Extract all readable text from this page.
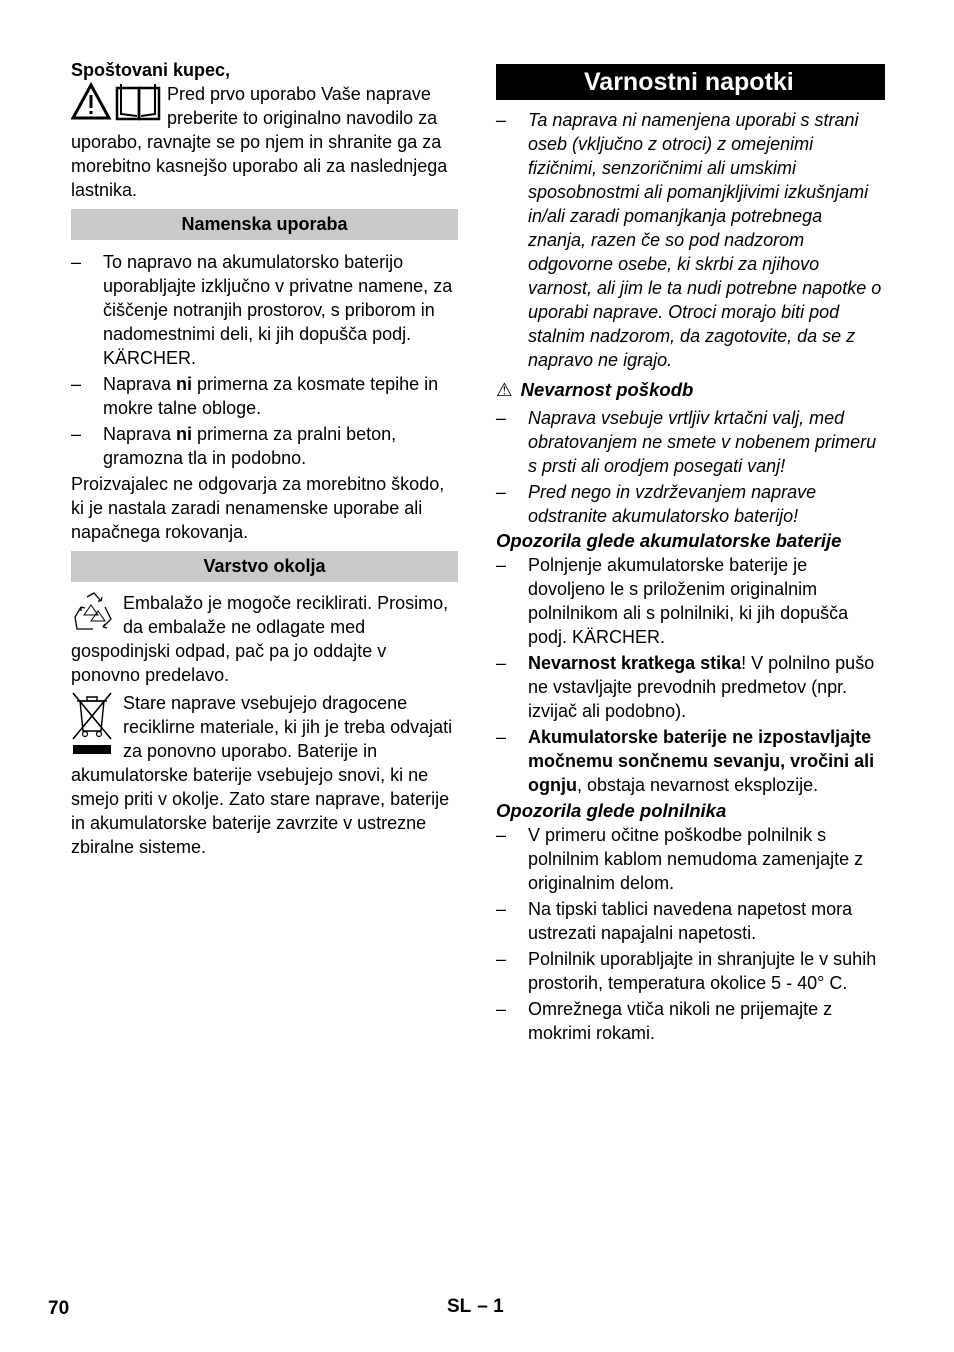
Spoštovani kupec,

Pred prvo uporabo Vaše naprave preberite to originalno navodilo za uporabo, ravnajte se po njem in shranite ga za morebitno kasnejšo uporabo ali za naslednjega lastnika.

Namenska uporaba
– To napravo na akumulatorsko baterijo uporabljajte izključno v privatne namene, za čiščenje notranjih prostorov, s priborom in nadomestnimi deli, ki jih dopušča podj. KÄRCHER.
– Naprava ni primerna za kosmate tepihe in mokre talne obloge.
– Naprava ni primerna za pralni beton, gramozna tla in podobno.

Proizvajalec ne odgovarja za morebitno škodo, ki je nastala zaradi nenamenske uporabe ali napačnega rokovanja.

Varstvo okolja

Embalažo je mogoče reciklirati. Prosimo, da embalaže ne odlagate med gospodinjski odpad, pač pa jo oddajte v ponovno predelavo.

Stare naprave vsebujejo dragocene reciklirne materiale, ki jih je treba odvajati za ponovno uporabo. Baterije in akumulatorske baterije vsebujejo snovi, ki ne smejo priti v okolje. Zato stare naprave, baterije in akumulatorske baterije zavrzite v ustrezne zbiralne sisteme.

Varnostni napotki
– Ta naprava ni namenjena uporabi s strani oseb (vključno z otroci) z omejenimi fizičnimi, senzoričnimi ali umskimi sposobnostmi ali pomanjkljivimi izkušnjami in/ali zaradi pomanjkanja potrebnega znanja, razen če so pod nadzorom odgovorne osebe, ki skrbi za njihovo varnost, ali jim le ta nudi potrebne napotke o uporabi naprave. Otroci morajo biti pod stalnim nadzorom, da zagotovite, da se z napravo ne igrajo.
⚠ Nevarnost poškodb
– Naprava vsebuje vrtljiv krtačni valj, med obratovanjem ne smete v nobenem primeru s prsti ali orodjem posegati vanj!
– Pred nego in vzdrževanjem naprave odstranite akumulatorsko baterijo!
Opozorila glede akumulatorske baterije
– Polnjenje akumulatorske baterije je dovoljeno le s priloženim originalnim polnilnikom ali s polnilniki, ki jih dopušča podj. KÄRCHER.
– Nevarnost kratkega stika! V polnilno pušo ne vstavljajte prevodnih predmetov (npr. izvijač ali podobno).
– Akumulatorske baterije ne izpostavljajte močnemu sončnemu sevanju, vročini ali ognju, obstaja nevarnost eksplozije.
Opozorila glede polnilnika
– V primeru očitne poškodbe polnilnik s polnilnim kablom nemudoma zamenjajte z originalnim delom.
– Na tipski tablici navedena napetost mora ustrezati napajalni napetosti.
– Polnilnik uporabljajte in shranjujte le v suhih prostorih, temperatura okolice 5 - 40° C.
– Omrežnega vtiča nikoli ne prijemajte z mokrimi rokami.
70	SL – 1
